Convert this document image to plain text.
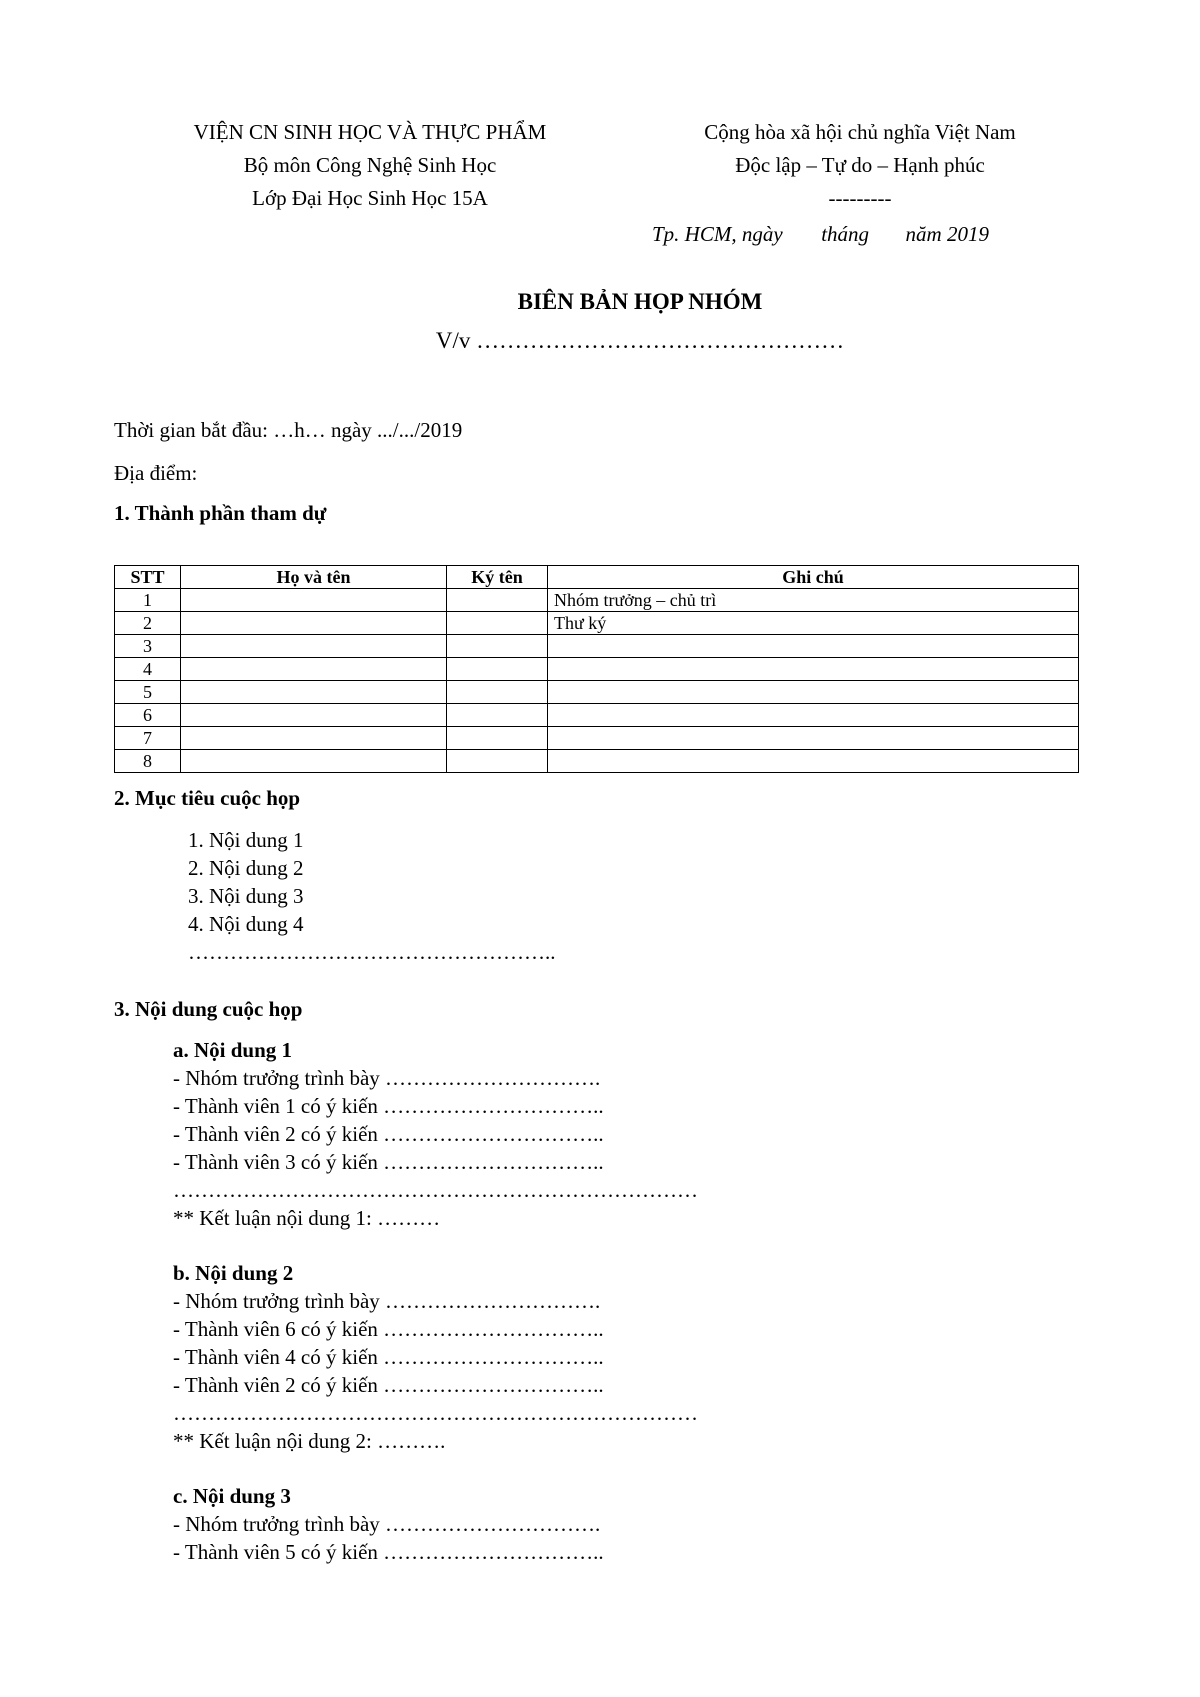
VIỆN CN SINH HỌC VÀ THỰC PHẨM
Bộ môn Công Nghệ Sinh Học
Lớp Đại Học Sinh Học 15A
Cộng hòa xã hội chủ nghĩa Việt Nam
Độc lập – Tự do – Hạnh phúc
---------
Tp. HCM, ngày tháng năm 2019
BIÊN BẢN HỌP NHÓM
V/v …………………………………………
Thời gian bắt đầu: …h… ngày .../.../2019
Địa điểm:
1. Thành phần tham dự
STT	Họ và tên	Ký tên	Ghi chú
1			Nhóm trưởng – chủ trì
2			Thư ký
3			
4			
5			
6			
7			
8			
2. Mục tiêu cuộc họp
1. Nội dung 1
2. Nội dung 2
3. Nội dung 3
4. Nội dung 4
……………………………………………..
3. Nội dung cuộc họp
a. Nội dung 1
- Nhóm trưởng trình bày ………………………….
- Thành viên 1 có ý kiến …………………………..
- Thành viên 2 có ý kiến …………………………..
- Thành viên 3 có ý kiến …………………………..
…………………………………………………………………
** Kết luận nội dung 1: ………
b. Nội dung 2
- Nhóm trưởng trình bày ………………………….
- Thành viên 6 có ý kiến …………………………..
- Thành viên 4 có ý kiến …………………………..
- Thành viên 2 có ý kiến …………………………..
…………………………………………………………………
** Kết luận nội dung 2: ……….
c. Nội dung 3
- Nhóm trưởng trình bày ………………………….
- Thành viên 5 có ý kiến …………………………..
